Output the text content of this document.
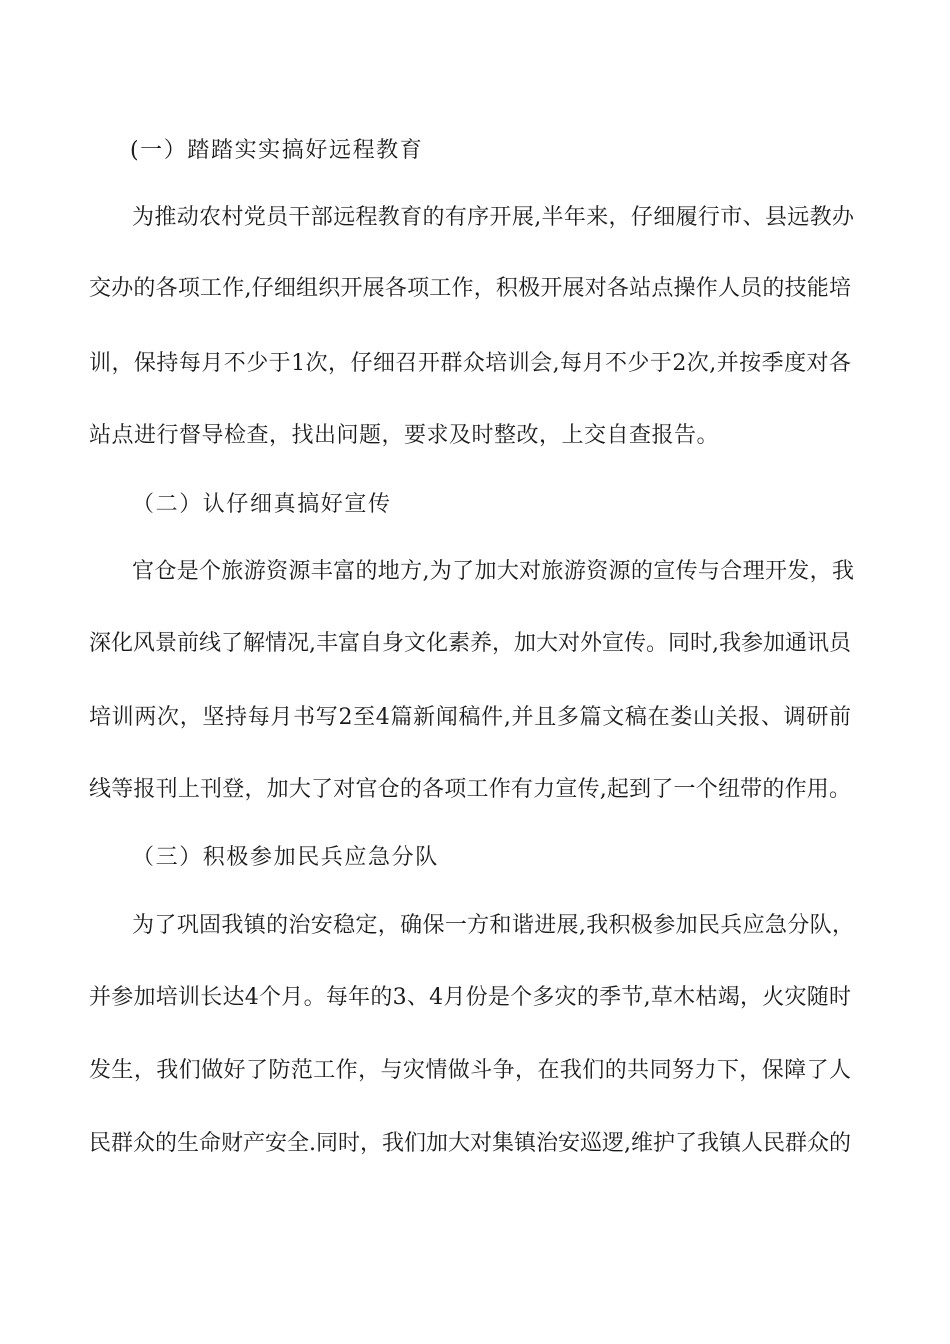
(一）踏踏实实搞好远程教育
为推动农村党员干部远程教育的有序开展,半年来，仔细履行市、县远教办
交办的各项工作,仔细组织开展各项工作，积极开展对各站点操作人员的技能培
训，保持每月不少于1次，仔细召开群众培训会,每月不少于2次,并按季度对各
站点进行督导检查，找出问题，要求及时整改，上交自查报告。
（二）认仔细真搞好宣传
官仓是个旅游资源丰富的地方,为了加大对旅游资源的宣传与合理开发，我
深化风景前线了解情况,丰富自身文化素养，加大对外宣传。同时,我参加通讯员
培训两次，坚持每月书写2至4篇新闻稿件,并且多篇文稿在娄山关报、调研前
线等报刊上刊登，加大了对官仓的各项工作有力宣传,起到了一个纽带的作用。
（三）积极参加民兵应急分队
为了巩固我镇的治安稳定，确保一方和谐进展,我积极参加民兵应急分队，
并参加培训长达4个月。每年的3、4月份是个多灾的季节,草木枯竭，火灾随时
发生，我们做好了防范工作，与灾情做斗争，在我们的共同努力下，保障了人
民群众的生命财产安全.同时，我们加大对集镇治安巡逻,维护了我镇人民群众的
